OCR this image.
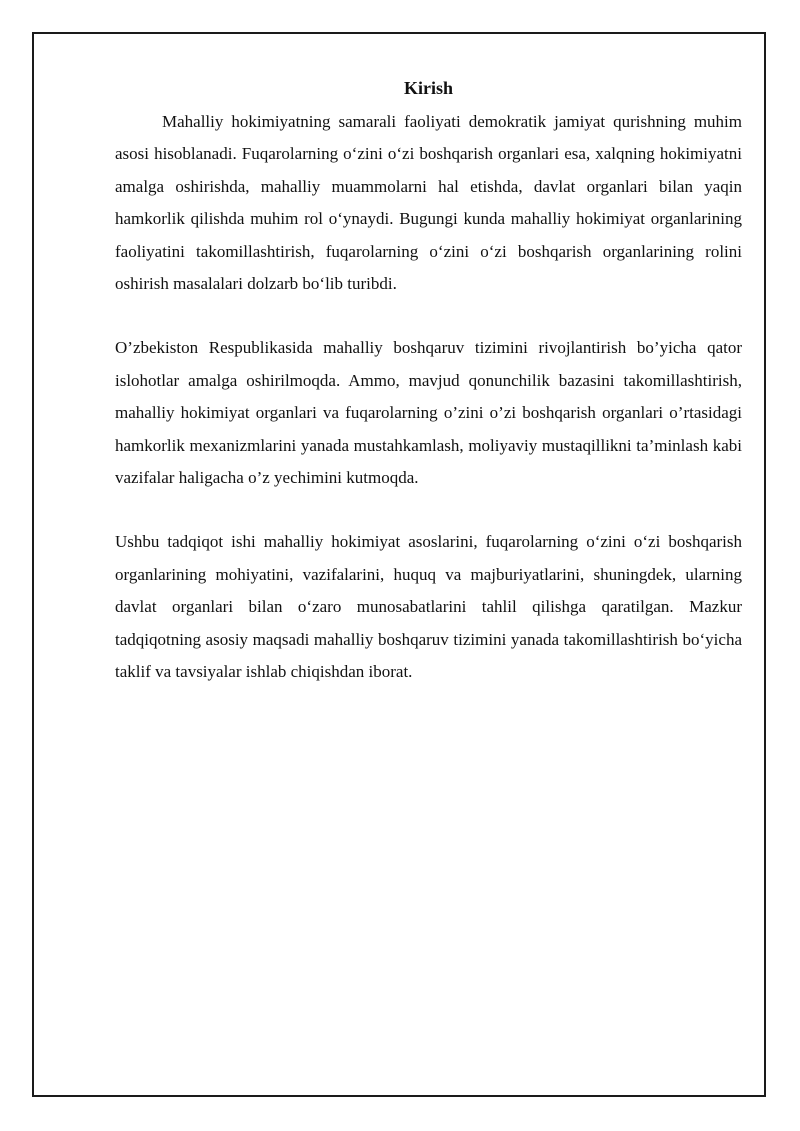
Kirish

Mahalliy hokimiyatning samarali faoliyati demokratik jamiyat qurishning muhim asosi hisoblanadi. Fuqarolarning o‘zini o‘zi boshqarish organlari esa, xalqning hokimiyatni amalga oshirishda, mahalliy muammolarni hal etishda, davlat organlari bilan yaqin hamkorlik qilishda muhim rol o‘ynaydi. Bugungi kunda mahalliy hokimiyat organlarining faoliyatini takomillashtirish, fuqarolarning o‘zini o‘zi boshqarish organlarining rolini oshirish masalalari dolzarb bo‘lib turibdi.

O’zbekiston Respublikasida mahalliy boshqaruv tizimini rivojlantirish bo’yicha qator islohotlar amalga oshirilmoqda. Ammo, mavjud qonunchilik bazasini takomillashtirish, mahalliy hokimiyat organlari va fuqarolarning o’zini o’zi boshqarish organlari o’rtasidagi hamkorlik mexanizmlarini yanada mustahkamlash, moliyaviy mustaqillikni ta’minlash kabi vazifalar haligacha o’z yechimini kutmoqda.

Ushbu tadqiqot ishi mahalliy hokimiyat asoslarini, fuqarolarning o‘zini o‘zi boshqarish organlarining mohiyatini, vazifalarini, huquq va majburiyatlarini, shuningdek, ularning davlat organlari bilan o‘zaro munosabatlarini tahlil qilishga qaratilgan. Mazkur tadqiqotning asosiy maqsadi mahalliy boshqaruv tizimini yanada takomillashtirish bo‘yicha taklif va tavsiyalar ishlab chiqishdan iborat.
